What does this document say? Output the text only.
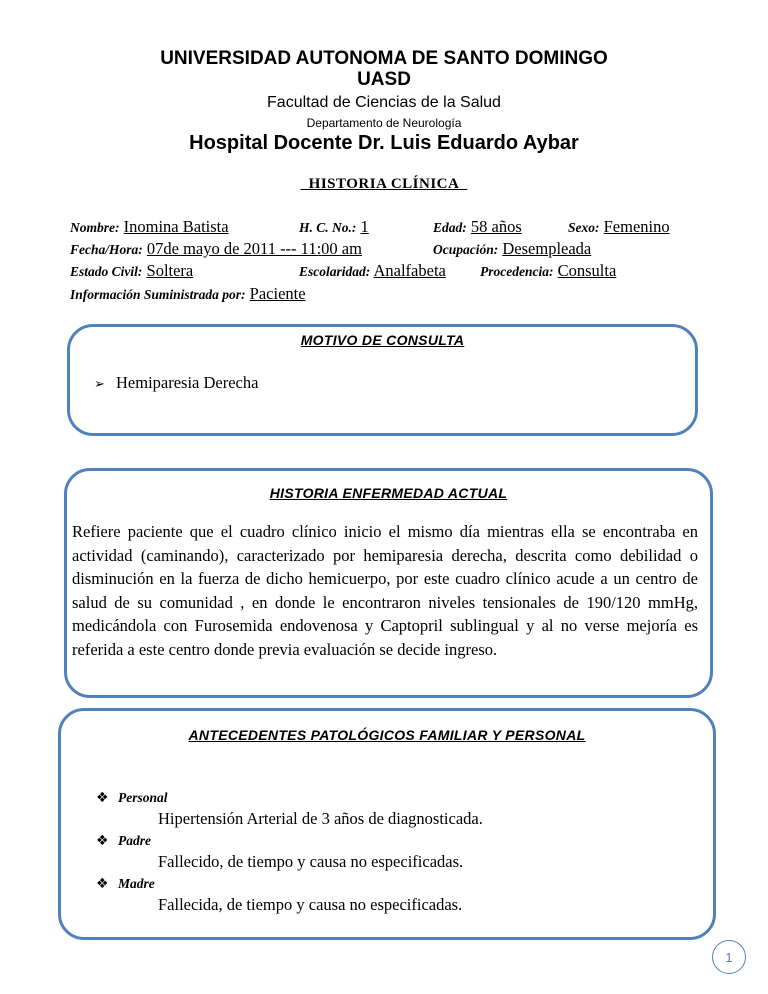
UNIVERSIDAD AUTONOMA DE SANTO DOMINGO
UASD
Facultad de Ciencias de la Salud
Departamento de Neurología
Hospital Docente Dr. Luis Eduardo Aybar
_HISTORIA CLÍNICA_
Nombre: Inomina Batista	H. C. No.: 1	Edad: 58 años	Sexo: Femenino
Fecha/Hora: 07de mayo de 2011 --- 11:00 am	Ocupación: Desempleada
Estado Civil: Soltera	Escolaridad: Analfabeta	Procedencia: Consulta
Información Suministrada por: Paciente
MOTIVO DE CONSULTA
➢ Hemiparesia Derecha
HISTORIA ENFERMEDAD ACTUAL
Refiere paciente que el cuadro clínico inicio el mismo día mientras ella se encontraba en actividad (caminando), caracterizado por hemiparesia derecha, descrita como debilidad o disminución en la fuerza de dicho hemicuerpo, por este cuadro clínico acude a un centro de salud de su comunidad , en donde le encontraron niveles tensionales de 190/120 mmHg, medicándola con Furosemida endovenosa y Captopril sublingual y al no verse mejoría es referida a este centro donde previa evaluación se decide ingreso.
ANTECEDENTES PATOLÓGICOS FAMILIAR Y PERSONAL
❖ Personal
Hipertensión Arterial de 3 años de diagnosticada.
❖ Padre
Fallecido, de tiempo y causa no especificadas.
❖ Madre
Fallecida, de tiempo y causa no especificadas.
1
